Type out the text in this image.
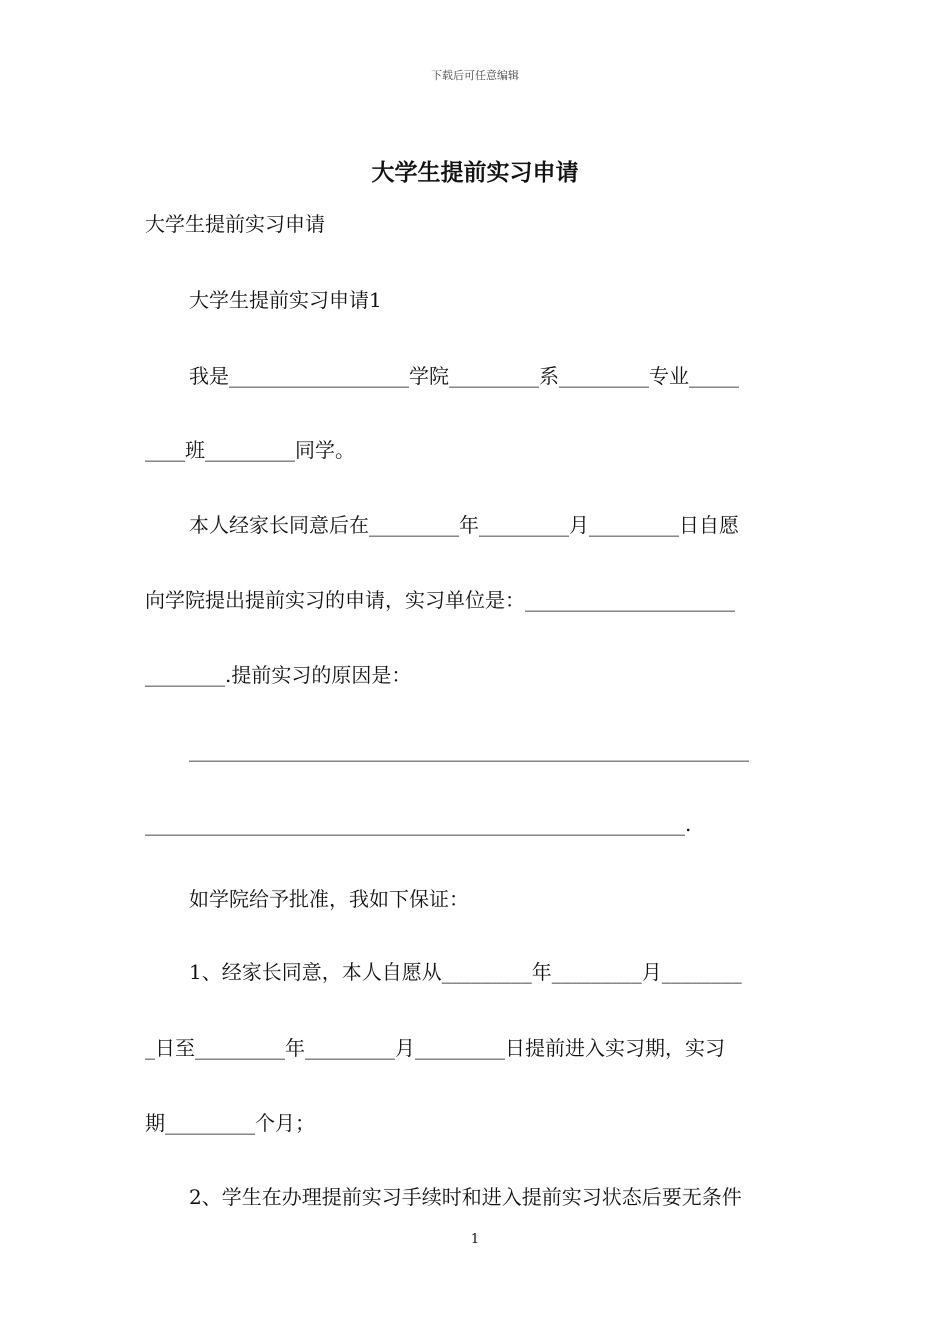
下载后可任意编辑
大学生提前实习申请
大学生提前实习申请
大学生提前实习申请1
我是__________________学院_________系_________专业_____
____班_________同学。
本人经家长同意后在_________年_________月_________日自愿
向学院提出提前实习的申请，实习单位是：_____________________
________.提前实习的原因是：
________________________________________________________
______________________________________________________.
如学院给予批准，我如下保证：
1、经家长同意，本人自愿从_________年_________月________
_日至_________年_________月_________日提前进入实习期，实习
期_________个月；
2、学生在办理提前实习手续时和进入提前实习状态后要无条件
1
